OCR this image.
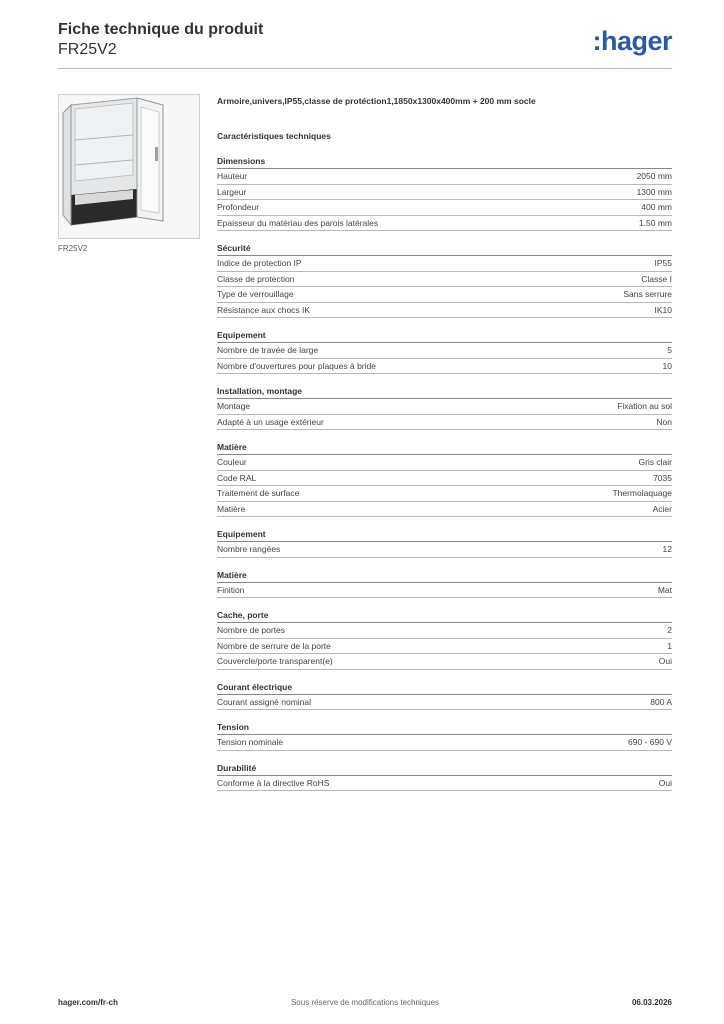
Fiche technique du produit
FR25V2	:hager
FR25V2
Armoire,univers,IP55,classe de protéction1,1850x1300x400mm + 200 mm socle
Caractéristiques techniques
Dimensions
Hauteur	2050 mm
Largeur	1300 mm
Profondeur	400 mm
Epaisseur du matériau des parois latérales	1.50 mm
Sécurité
Indice de protection IP	IP55
Classe de protection	Classe I
Type de verrouillage	Sans serrure
Résistance aux chocs IK	IK10
Equipement
Nombre de travée de large	5
Nombre d'ouvertures pour plaques à bride	10
Installation, montage
Montage	Fixation au sol
Adapté à un usage extérieur	Non
Matière
Couleur	Gris clair
Code RAL	7035
Traitement de surface	Thermolaquage
Matière	Acier
Equipement
Nombre rangées	12
Matière
Finition	Mat
Cache, porte
Nombre de portes	2
Nombre de serrure de la porte	1
Couvercle/porte transparent(e)	Oui
Courant électrique
Courant assigné nominal	800 A
Tension
Tension nominale	690 - 690 V
Durabilité
Conforme à la directive RoHS	Oui
Sous réserve de modifications techniques
hager.com/fr-ch	06.03.2026
